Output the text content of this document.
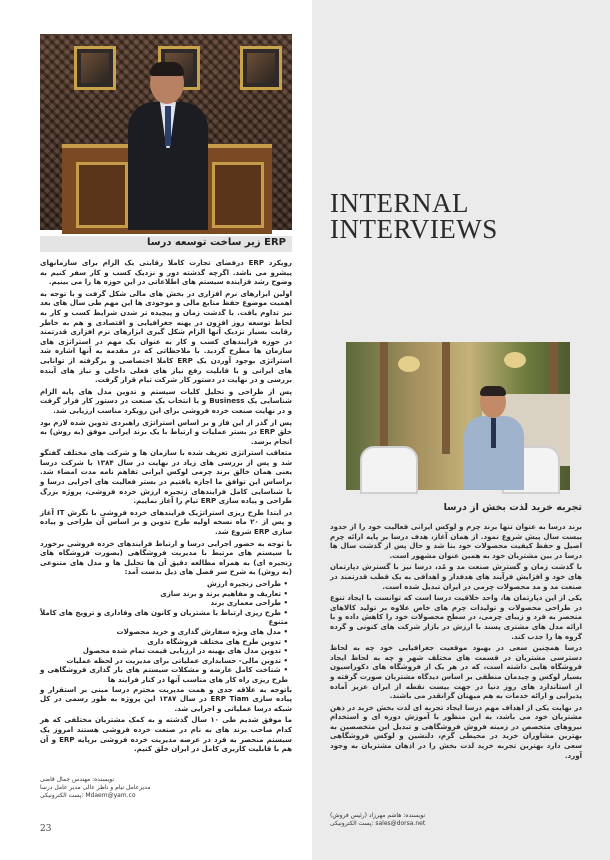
ERP زیر ساخت توسعه درسا

رویکرد ERP درفضای تجارت کاملا رقابتی یک الزام برای سازمانهای پیشرو می باشد. اگرچه گذشته دور و نزدیک کسب و کار سفر کنیم به وضوح رشد فزاینده سیستم های اطلاعاتی در این حوزه ها را می بینیم.

اولین ابزارهای نرم افزاری در بخش های مالی شکل گرفت و با توجه به اهمیت موضوع حفظ منابع مالی و موجودی ها این مهم طی سال های بعد نیز تداوم یافت. با گذشت زمان و پیچیده تر شدن شرایط کسب و کار به لحاظ توسعه روز افزون در پهنه جغرافیایی و اقتصادی و هم به خاطر رقابت بسیار نزدیک آنها الزام شکل گیری ابزارهای نرم افزاری قدرتمند در حوزه فرایندهای کسب و کار به عنوان یک مهم در استراتژی های سازمان ها مطرح گردید. با ملاحظاتی که در مقدمه به آنها اشاره شد استراتژی بوجود آوردن یک ERP کاملا اختصاصی و برگرفته از توانایی های ایرانی و با قابلیت رفع نیاز های فعلی داخلی و نیاز های آینده بررسی و در نهایت در دستور کار شرکت تیام قرار گرفت.

پس از طراحی و تحلیل کلیات سیستم و تدوین مدل های پایه الزام شناسایی یک Business و یا انتخاب یک صنعت در دستور کار قرار گرفت و در نهایت صنعت خرده فروشی برای این رویکرد مناسب ارزیابی شد.

پس از گذر از این فاز و بر اساس استراتژی راهبردی تدوین شده لازم بود خلق ERP در بستر عملیات و ارتباط با یک برند ایرانی موفق (به روش) به انجام برسد.

متعاقب استراتژی تعریف شده با سازمان ها و شرکت های مختلف گفتگو شد و پس از بررسی های زیاد در نهایت در سال ۱۳۸۴ با شرکت درسا یعنی همان خالق برند چرمی لوکس ایرانی تفاهم نامه مدت امضاء شد. براساس این توافق ما اجازه یافتیم در بستر فعالیت های اجرایی درسا و با شناسایی کامل فرایندهای زنجیره ارزش خرده فروشی، پروژه بزرگ طراحی و پیاده سازی ERP تیام را آغاز نماییم.

در ابتدا طرح ریزی استراتژیک فرایندهای خرده فروشی با نگرش IT آغاز و پس از ۲۰ ماه نسخه اولیه طرح تدوین و بر اساس آن طراحی و پیاده سازی ERP شروع شد.

با توجه به حضور اجرایی درسا و ارتباط فرایندهای خرده فروشی برخورد با سیستم های مرتبط با مدیریت فروشگاهی (بصورت فروشگاه های زنجیره ای) به همراه مطالعه دقیق آن ها تحلیل ها و مدل های متنوعی (به روش) به شرح سر فصل های ذیل بدست آمد:

• طراحی زنجیره ارزش
• تعاریف و مفاهیم برند و برند سازی
• طراحی معماری برند
• طرح ریزی ارتباط با مشتریان و کانون های وفاداری و ترویج های کاملاً متنوع
• مدل های ویژه سفارش گذاری و خرید محصولات
• تدوین طرح های مختلف فروشگاه داری
• تدوین مدل های بهینه در ارزیابی قیمت تمام شده محصول
• تدوین مالی- حسابداری عملیاتی برای مدیریت در لحظه عملیات
• شناخت کامل عارضه و مشکلات سیستم های بار گذاری فروشگاهی و طرح ریزی راه کار های مناسب آنها در کنار فرایند ها

باتوجه به علاقه جدی و همت مدیریت محترم درسا مبنی بر استقرار و پیاده سازی ERP Tiam در سال ۱۳۸۷ این پروژه به طور رسمی در کل شبکه درسا عملیاتی و اجرایی شد.

ما موفق شدیم طی ۱۰ سال گذشته و به کمک مشتریان مختلفی که هر کدام صاحب برند های به نام در صنعت خرده فروشی هستند امروز یک سیستم منحصر به فرد در عرصه مدیریت خرده فروشی برپایه ERP و آن هم با قابلیت کاربری کامل در ایران خلق کنیم.

نویسنده: مهندس جمال قاضی
مدیرعامل تیام و ناظر عالی مدیر عامل درسا
Mdaem@yam.co :پست الکترونیکی
23
INTERNAL
INTERVIEWS
تجربه خرید لذت بخش از درسا

برند درسا به عنوان تنها برند چرم و لوکس ایرانی فعالیت خود را از حدود بیست سال پیش شروع نمود. از همان آغاز، هدف درسا بر پایه ارائه چرم اصیل و حفظ کیفیت محصولات خود بنا شد و حال پس از گذشت سال ها درسا در بین مشتریان خود به همین عنوان مشهور است.

با گذشت زمان و گسترش صنعت مد و مُد، درسا نیز با گسترش دپارتمان های خود و افزایش فرآیند های هدفدار و اهدافی به یک قطب قدرتمند در صنعت مد و مد محصولات چرمی در ایران تبدیل شده است.

یکی از این دپارتمان ها، واحد خلاقیت درسا است که توانست با ایجاد تنوع در طراحی محصولات و تولیدات چرم های خاص علاوه بر تولید کالاهای منحصر به فرد و زیبای چرمی، در سطح محصولات خود را کاهش داده و با ارائه مدل های مشتری پسند با ارزش در بازار شرکت های کنونی و گرده گروه ها را جذب کند.

درسا همچنین سعی در بهبود موقعیت جغرافیایی خود چه به لحاظ دسترسی مشتریان در قسمت های مختلف شهر و چه به لحاظ ایجاد فروشگاه هایی داشته است، که در هر یک از فروشگاه های دکوراسیون بسیار لوکس و چیدمان منطقی بر اساس دیدگاه مشتریان صورت گرفته و از استاندارد های روز دنیا در جهت بیست نقطه از ایران عزیز آماده پذیرایی و ارائه خدمات به هم میهنان گرانقدر می باشند.

در نهایت یکی از اهداف مهم درسا ایجاد تجربه ای لذت بخش خرید در ذهن مشتریان خود می باشد، به این منظور با آموزش دوره ای و استخدام نیروهای متخصص در زمینه فروش فروشگاهی و تبدیل این متخصصین به بهترین مشاوران خرید در محیطی گرم، دلنشین و لوکس فروشگاهی سعی دارد بهترین تجربه خرید لذت بخش را در اذهان مشتریان به وجود آورد.

نویسنده: هاشم مهرزاد (رئیس فروش)
sales@dorsa.net :پست الکترونیکی
